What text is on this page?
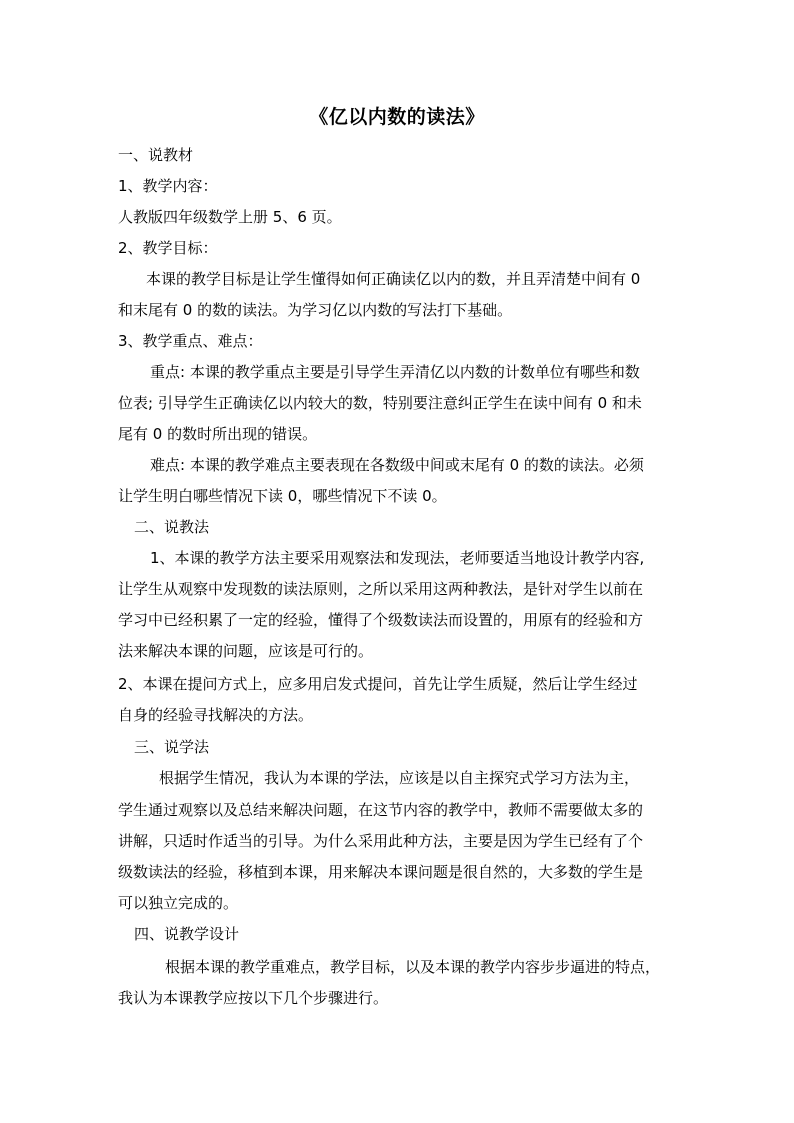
《亿以内数的读法》
一、说教材
1、教学内容：
人教版四年级数学上册 5、6 页。
2、教学目标：
本课的教学目标是让学生懂得如何正确读亿以内的数，并且弄清楚中间有 0
和末尾有 0 的数的读法。为学习亿以内数的写法打下基础。
3、教学重点、难点：
重点: 本课的教学重点主要是引导学生弄清亿以内数的计数单位有哪些和数
位表; 引导学生正确读亿以内较大的数，特别要注意纠正学生在读中间有 0 和未
尾有 0 的数时所出现的错误。
难点: 本课的教学难点主要表现在各数级中间或末尾有 0 的数的读法。必须
让学生明白哪些情况下读 0，哪些情况下不读 0。
二、说教法
1、本课的教学方法主要采用观察法和发现法，老师要适当地设计教学内容,
让学生从观察中发现数的读法原则，之所以采用这两种教法，是针对学生以前在
学习中已经积累了一定的经验，懂得了个级数读法而设置的，用原有的经验和方
法来解决本课的问题，应该是可行的。
2、本课在提问方式上，应多用启发式提问，首先让学生质疑，然后让学生经过
自身的经验寻找解决的方法。
三、说学法
根据学生情况，我认为本课的学法，应该是以自主探究式学习方法为主，
学生通过观察以及总结来解决问题，在这节内容的教学中，教师不需要做太多的
讲解，只适时作适当的引导。为什么采用此种方法，主要是因为学生已经有了个
级数读法的经验，移植到本课，用来解决本课问题是很自然的，大多数的学生是
可以独立完成的。
四、说教学设计
根据本课的教学重难点，教学目标，以及本课的教学内容步步逼进的特点，
我认为本课教学应按以下几个步骤进行。
